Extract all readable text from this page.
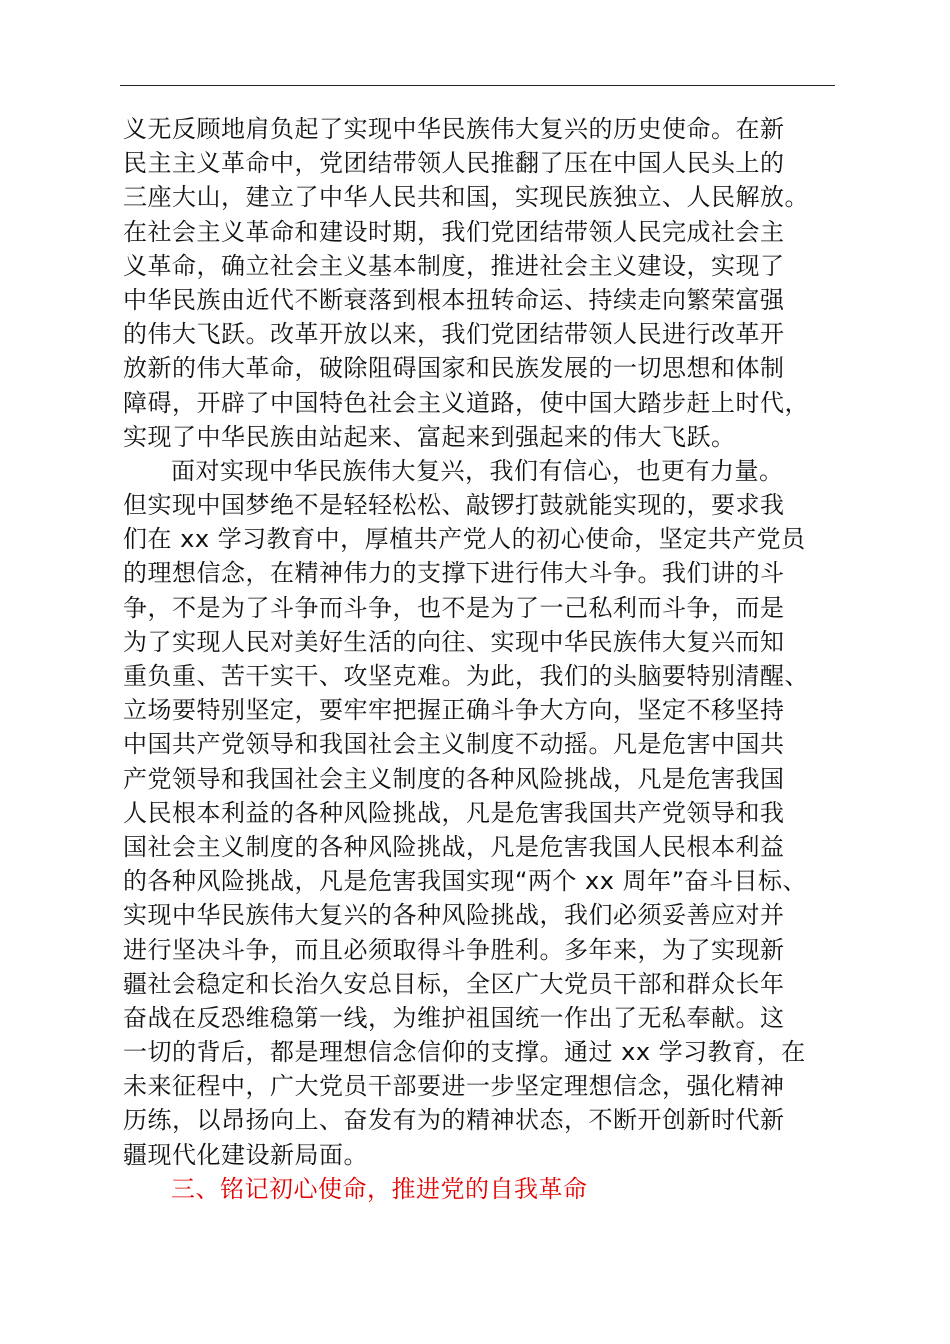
义无反顾地肩负起了实现中华民族伟大复兴的历史使命。在新
民主主义革命中，党团结带领人民推翻了压在中国人民头上的
三座大山，建立了中华人民共和国，实现民族独立、人民解放。
在社会主义革命和建设时期，我们党团结带领人民完成社会主
义革命，确立社会主义基本制度，推进社会主义建设，实现了
中华民族由近代不断衰落到根本扭转命运、持续走向繁荣富强
的伟大飞跃。改革开放以来，我们党团结带领人民进行改革开
放新的伟大革命，破除阻碍国家和民族发展的一切思想和体制
障碍，开辟了中国特色社会主义道路，使中国大踏步赶上时代，
实现了中华民族由站起来、富起来到强起来的伟大飞跃。
面对实现中华民族伟大复兴，我们有信心，也更有力量。
但实现中国梦绝不是轻轻松松、敲锣打鼓就能实现的，要求我
们在 xx 学习教育中，厚植共产党人的初心使命，坚定共产党员
的理想信念，在精神伟力的支撑下进行伟大斗争。我们讲的斗
争，不是为了斗争而斗争，也不是为了一己私利而斗争，而是
为了实现人民对美好生活的向往、实现中华民族伟大复兴而知
重负重、苦干实干、攻坚克难。为此，我们的头脑要特别清醒、
立场要特别坚定，要牢牢把握正确斗争大方向，坚定不移坚持
中国共产党领导和我国社会主义制度不动摇。凡是危害中国共
产党领导和我国社会主义制度的各种风险挑战，凡是危害我国
人民根本利益的各种风险挑战，凡是危害我国共产党领导和我
国社会主义制度的各种风险挑战，凡是危害我国人民根本利益
的各种风险挑战，凡是危害我国实现“两个 xx 周年”奋斗目标、
实现中华民族伟大复兴的各种风险挑战，我们必须妥善应对并
进行坚决斗争，而且必须取得斗争胜利。多年来，为了实现新
疆社会稳定和长治久安总目标，全区广大党员干部和群众长年
奋战在反恐维稳第一线，为维护祖国统一作出了无私奉献。这
一切的背后，都是理想信念信仰的支撑。通过 xx 学习教育，在
未来征程中，广大党员干部要进一步坚定理想信念，强化精神
历练，以昂扬向上、奋发有为的精神状态，不断开创新时代新
疆现代化建设新局面。
三、铭记初心使命，推进党的自我革命
